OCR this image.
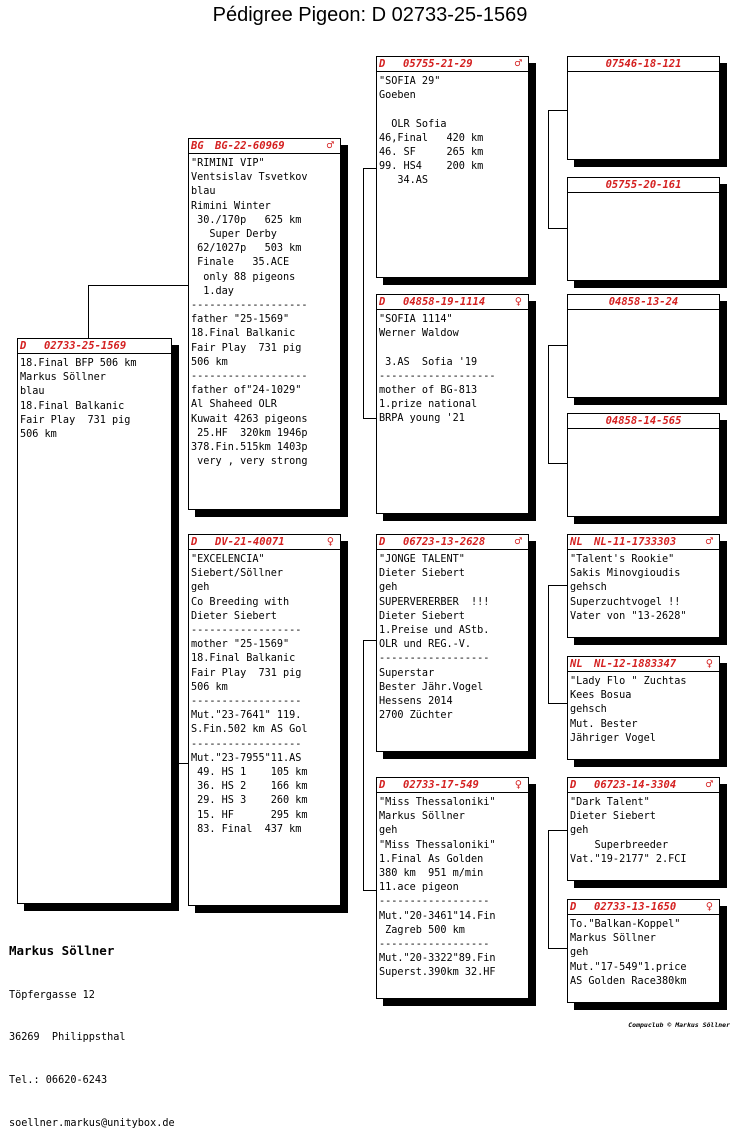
Pédigree Pigeon: D 02733-25-1569
D 02733-25-1569
18.Final BFP 506 km
Markus Söllner
blau
18.Final Balkanic
Fair Play  731 pig
506 km
BG BG-22-60969	♂
"RIMINI VIP"
Ventsislav Tsvetkov
blau
Rimini Winter
30./170p   625 km
Super Derby
62/1027p   503 km
Finale   35.ACE
only 88 pigeons
1.day
-------------------
father "25-1569"
18.Final Balkanic
Fair Play  731 pig
506 km
-------------------
father of"24-1029"
Al Shaheed OLR
Kuwait 4263 pigeons
25.HF  320km 1946p
378.Fin.515km 1403p
very , very strong
D DV-21-40071	♀
"EXCELENCIA"
Siebert/Söllner
geh
Co Breeding with
Dieter Siebert
------------------
mother "25-1569"
18.Final Balkanic
Fair Play  731 pig
506 km
------------------
Mut."23-7641" 119.
S.Fin.502 km AS Gol
------------------
Mut."23-7955"11.AS
49. HS 1    105 km
36. HS 2    166 km
29. HS 3    260 km
15. HF      295 km
83. Final  437 km
D 05755-21-29	♂
"SOFIA 29"
Goeben

OLR Sofia
46,Final   420 km
46. SF     265 km
99. HS4    200 km
34.AS
D 04858-19-1114 ♀
"SOFIA 1114"
Werner Waldow

3.AS  Sofia '19
-------------------
mother of BG-813
1.prize national
BRPA young '21
D 06723-13-2628 ♂
"JONGE TALENT"
Dieter Siebert
geh
SUPERVERERBER  !!!
Dieter Siebert
1.Preise und AStb.
OLR und REG.-V.
------------------
Superstar
Bester Jähr.Vogel
Hessens 2014
2700 Züchter
D 02733-17-549	♀
"Miss Thessaloniki"
Markus Söllner
geh
"Miss Thessaloniki"
1.Final As Golden
380 km  951 m/min
11.ace pigeon
------------------
Mut."20-3461"14.Fin
Zagreb 500 km
------------------
Mut."20-3322"89.Fin
Superst.390km 32.HF
07546-18-121
05755-20-161
04858-13-24
04858-14-565
NL NL-11-1733303 ♂
"Talent's Rookie"
Sakis Minovgioudis
gehsch
Superzuchtvogel !!
Vater von "13-2628"
NL NL-12-1883347 ♀
"Lady Flo " Zuchtas
Kees Bosua
gehsch
Mut. Bester
Jähriger Vogel
D 06723-14-3304 ♂
"Dark Talent"
Dieter Siebert
geh
Superbreeder
Vat."19-2177" 2.FCI
D 02733-13-1650 ♀
To."Balkan-Koppel"
Markus Söllner
geh
Mut."17-549"1.price
AS Golden Race380km

Markus Söllner

Töpfergasse 12

36269  Philippsthal

Tel.: 06620-6243

soellner.markus@unitybox.de

Compuclub © Markus Söllner
